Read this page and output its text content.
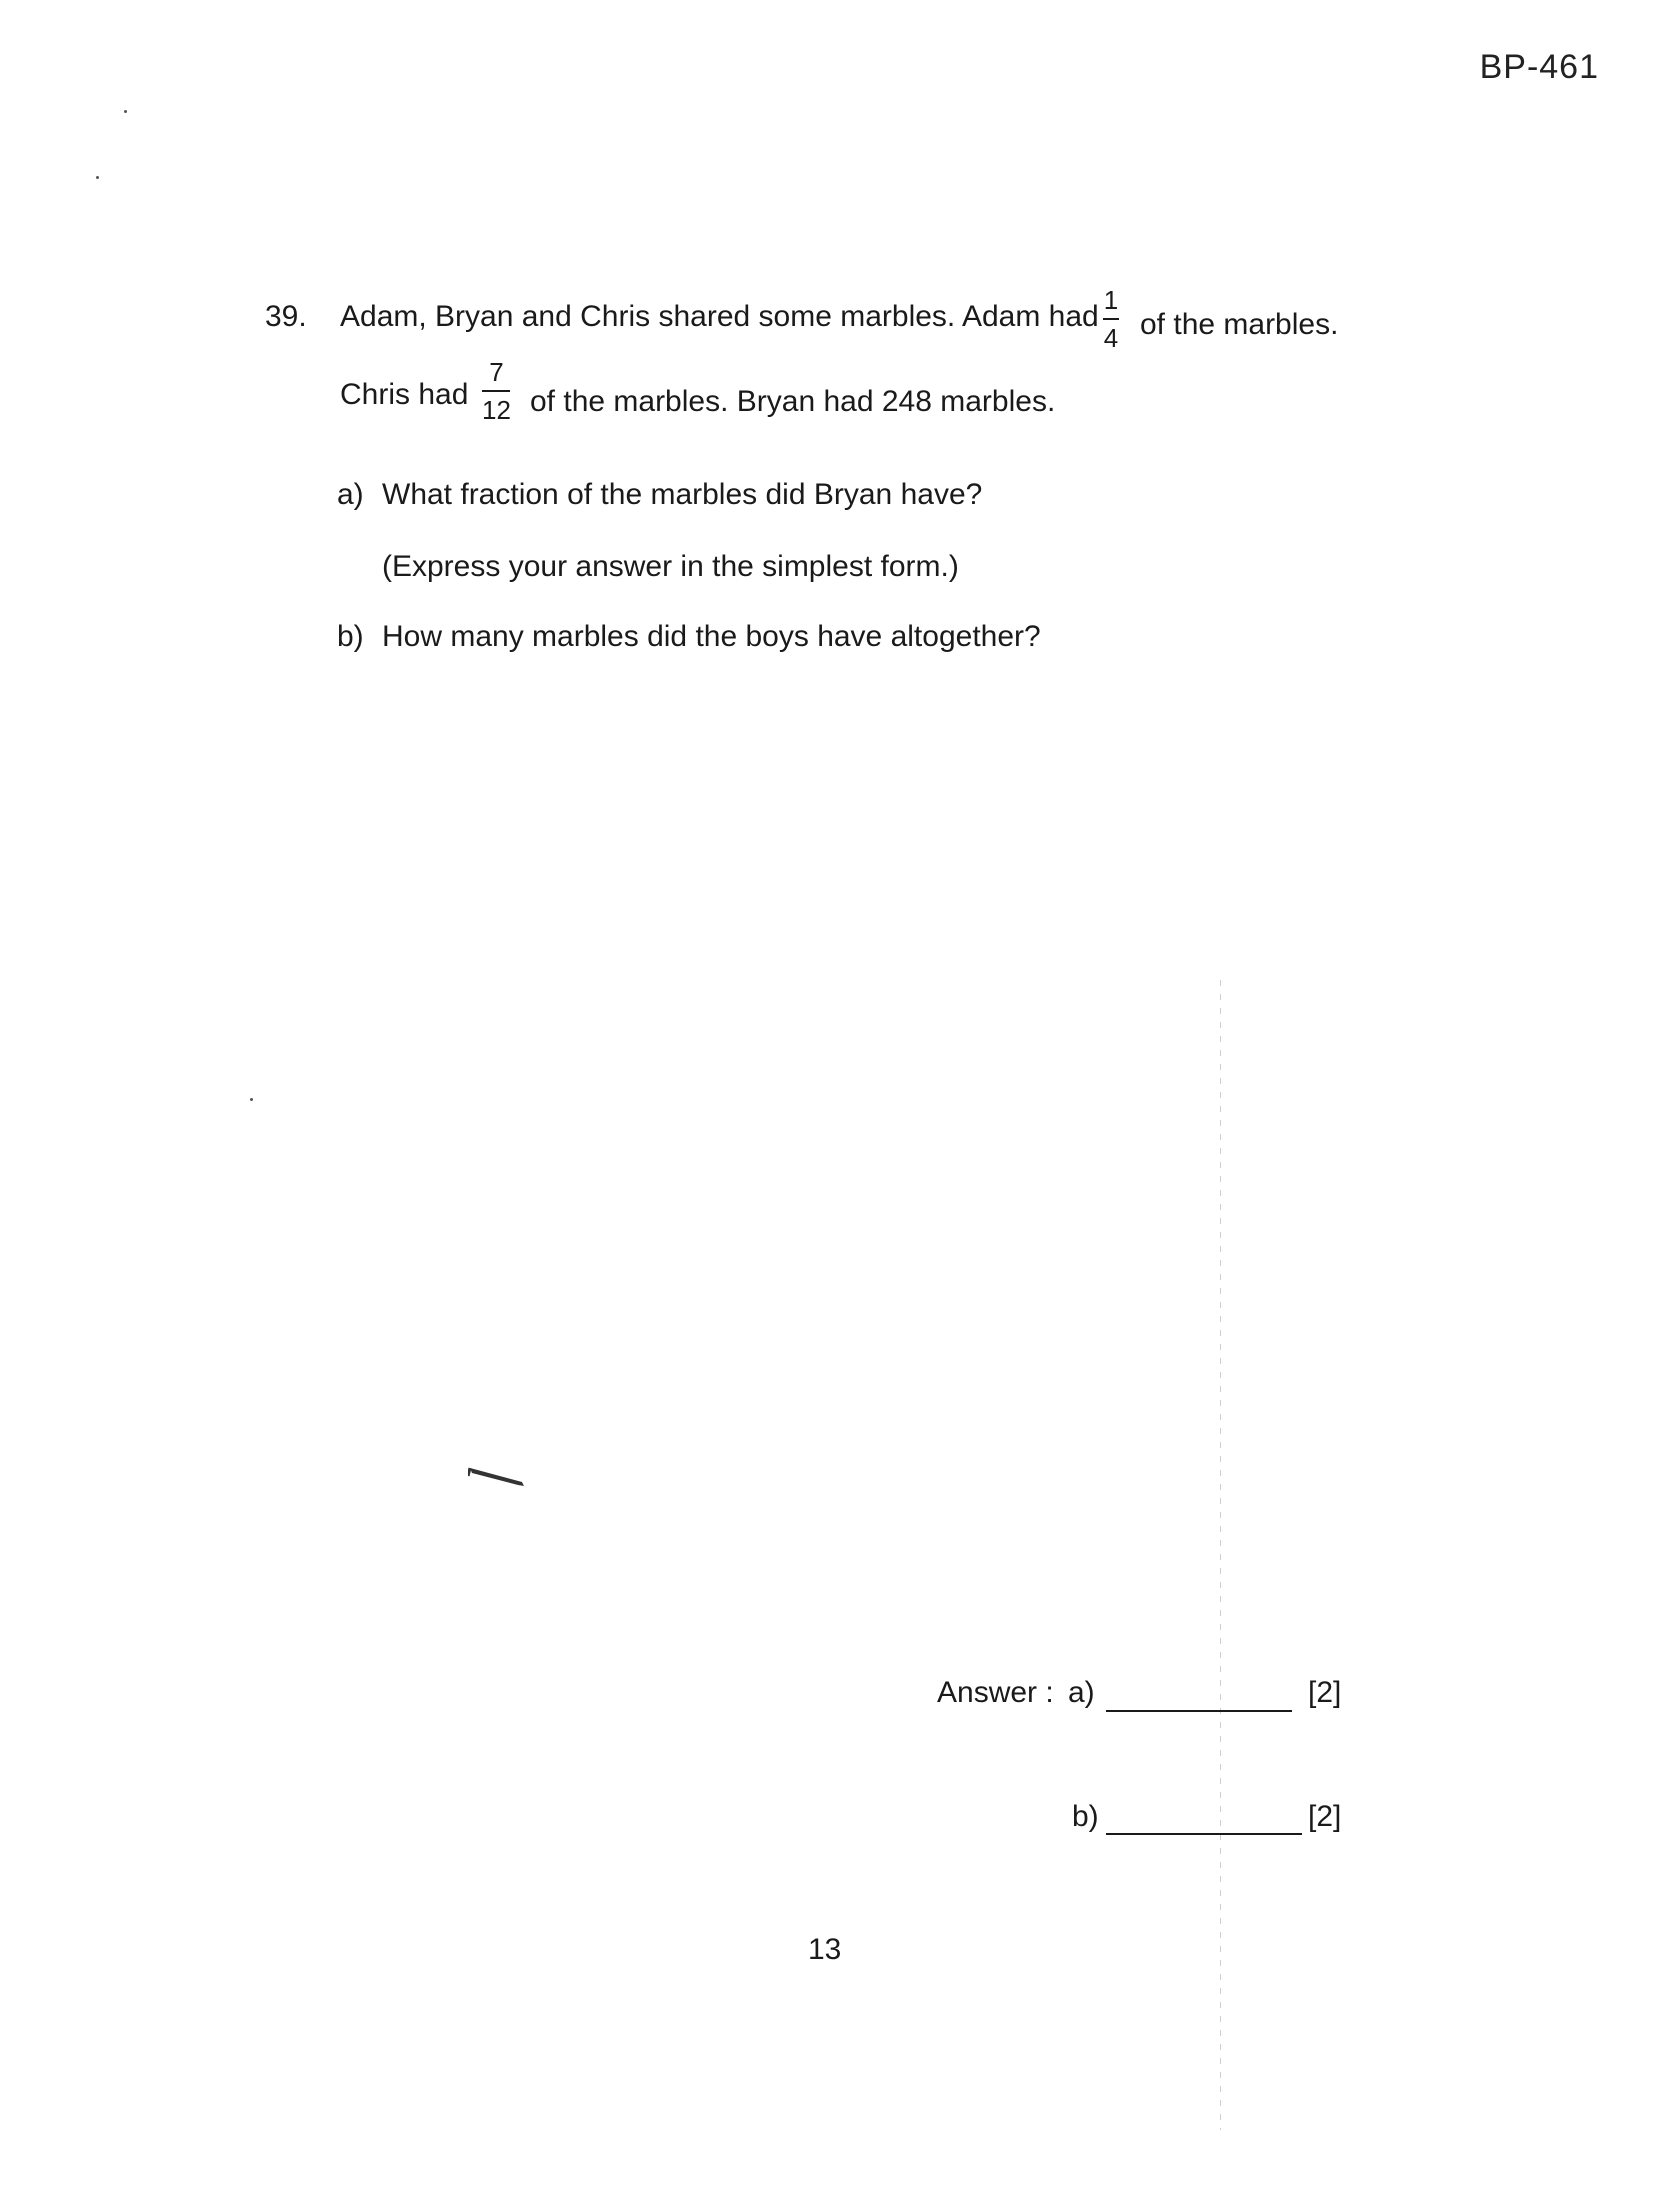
BP-461
39. Adam, Bryan and Chris shared some marbles. Adam had 1
4 of the marbles.
Chris had
7
12 of the marbles. Bryan had 248 marbles.
a) What fraction of the marbles did Bryan have?
(Express your answer in the simplest form.)
b) How many marbles did the boys have altogether?
Answer : a)	[2]
b)	[2]
13
